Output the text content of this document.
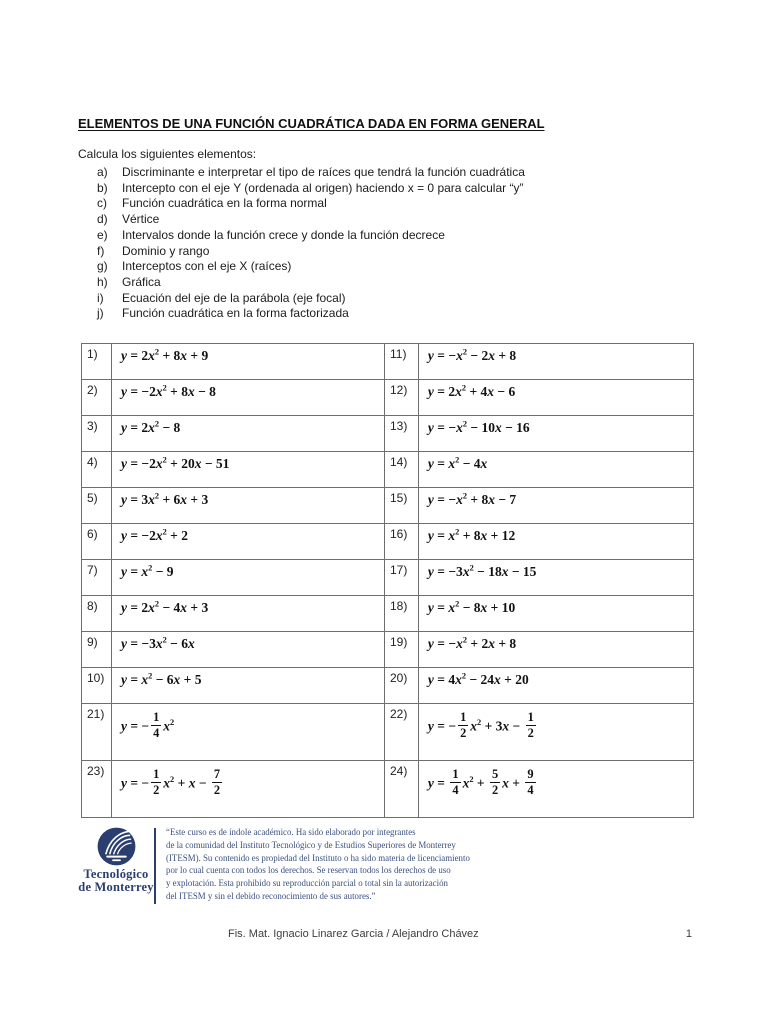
ELEMENTOS DE UNA FUNCIÓN CUADRÁTICA DADA EN FORMA GENERAL
Calcula los siguientes elementos:
a)	Discriminante e interpretar el tipo de raíces que tendrá la función cuadrática
b)	Intercepto con el eje Y (ordenada al origen) haciendo x = 0 para calcular “y”
c)	Función cuadrática en la forma normal
d)	Vértice
e)	Intervalos donde la función crece y donde la función decrece
f)	Dominio y rango
g)	Interceptos con el eje X (raíces)
h)	Gráfica
i)	Ecuación del eje de la parábola (eje focal)
j)	Función cuadrática en la forma factorizada
1)	$y = 2x^2 + 8x + 9$	11)	$y = -x^2 - 2x + 8$
2)	$y = -2x^2 + 8x - 8$	12)	$y = 2x^2 + 4x - 6$
3)	$y = 2x^2 - 8$	13)	$y = -x^2 - 10x - 16$
4)	$y = -2x^2 + 20x - 51$	14)	$y = x^2 - 4x$
5)	$y = 3x^2 + 6x + 3$	15)	$y = -x^2 + 8x - 7$
6)	$y = -2x^2 + 2$	16)	$y = x^2 + 8x + 12$
7)	$y = x^2 - 9$	17)	$y = -3x^2 - 18x - 15$
8)	$y = 2x^2 - 4x + 3$	18)	$y = x^2 - 8x + 10$
9)	$y = -3x^2 - 6x$	19)	$y = -x^2 + 2x + 8$
10)	$y = x^2 - 6x + 5$	20)	$y = 4x^2 - 24x + 20$
21)	y = − $\frac{1}{4} x^2$	22)	y = − $\frac{1}{2} x^2 + 3x - \frac{1}{2}$

23)	y = − $\frac{1}{2} x^2 + x - \frac{7}{2}$	24)	$y = \frac{1}{4} x^2 + \frac{5}{2}$ $x + \frac{9}{4}$
Tecnológico
de Monterrey
“Este curso es de índole académico. Ha sido elaborado por integrantes
de la comunidad del Instituto Tecnológico y de Estudios Superiores de Monterrey
(ITESM). Su contenido es propiedad del Instituto o ha sido materia de licenciamiento
por lo cual cuenta con todos los derechos. Se reservan todos los derechos de uso
y explotación. Esta prohibido su reproducción parcial o total sin la autorización
del ITESM y sin el debido reconocimiento de sus autores.”
Fis. Mat. Ignacio Linarez Garcia / Alejandro Chávez	1
